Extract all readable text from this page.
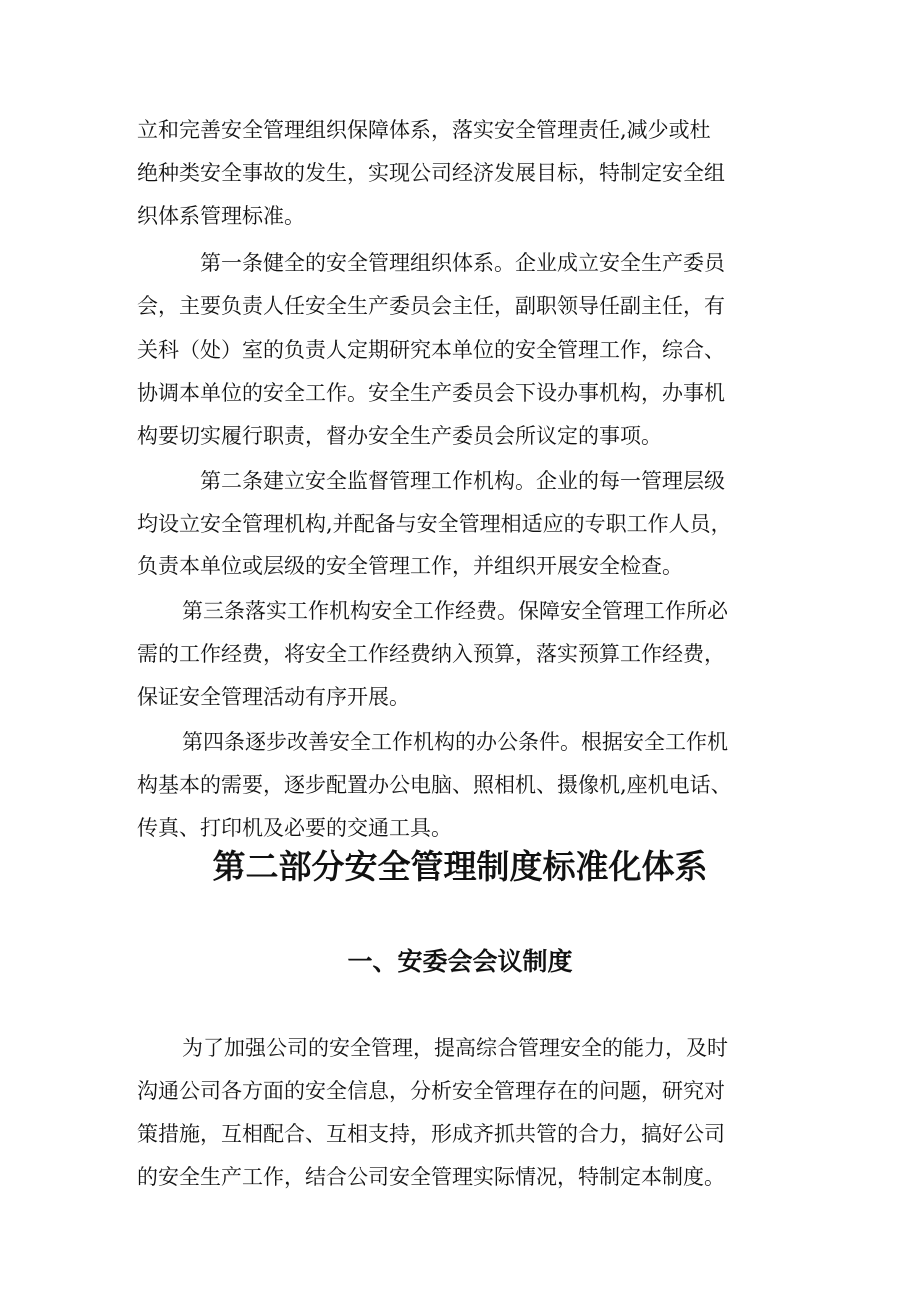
立和完善安全管理组织保障体系，落实安全管理责任,减少或杜
绝种类安全事故的发生，实现公司经济发展目标，特制定安全组
织体系管理标准。
第一条健全的安全管理组织体系。企业成立安全生产委员
会，主要负责人任安全生产委员会主任，副职领导任副主任，有
关科（处）室的负责人定期研究本单位的安全管理工作，综合、
协调本单位的安全工作。安全生产委员会下设办事机构，办事机
构要切实履行职责，督办安全生产委员会所议定的事项。
第二条建立安全监督管理工作机构。企业的每一管理层级
均设立安全管理机构,并配备与安全管理相适应的专职工作人员，
负责本单位或层级的安全管理工作，并组织开展安全检查。
第三条落实工作机构安全工作经费。保障安全管理工作所必
需的工作经费，将安全工作经费纳入预算，落实预算工作经费，
保证安全管理活动有序开展。
第四条逐步改善安全工作机构的办公条件。根据安全工作机
构基本的需要，逐步配置办公电脑、照相机、摄像机,座机电话、
传真、打印机及必要的交通工具。
第二部分安全管理制度标准化体系
一、安委会会议制度
为了加强公司的安全管理，提高综合管理安全的能力，及时
沟通公司各方面的安全信息，分析安全管理存在的问题，研究对
策措施，互相配合、互相支持，形成齐抓共管的合力，搞好公司
的安全生产工作，结合公司安全管理实际情况，特制定本制度。
